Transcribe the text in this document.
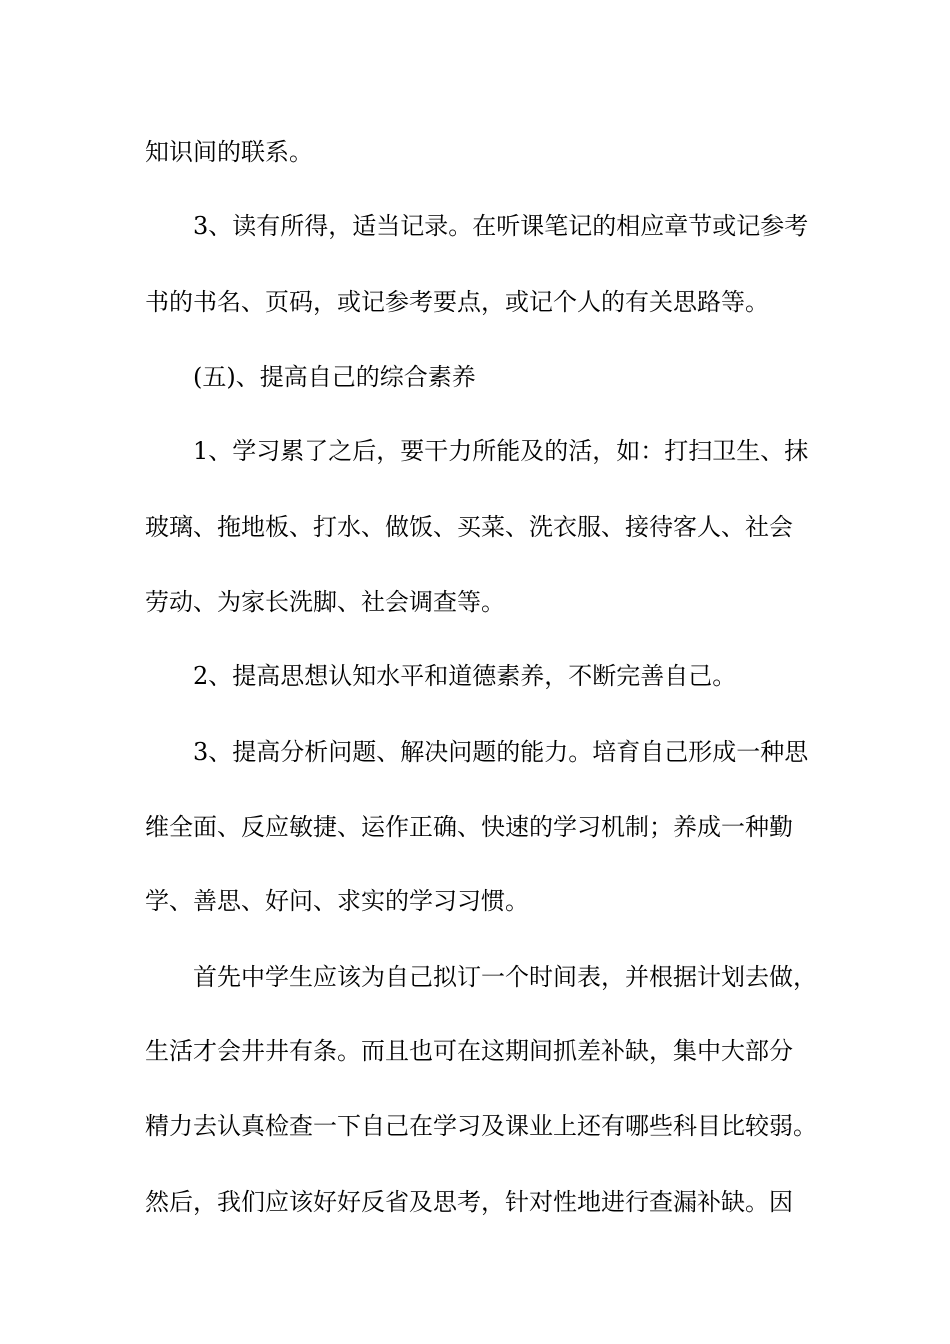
知识间的联系。
3、读有所得，适当记录。在听课笔记的相应章节或记参考
书的书名、页码，或记参考要点，或记个人的有关思路等。
(五)、提高自己的综合素养
1、学习累了之后，要干力所能及的活，如：打扫卫生、抹
玻璃、拖地板、打水、做饭、买菜、洗衣服、接待客人、社会
劳动、为家长洗脚、社会调查等。
2、提高思想认知水平和道德素养，不断完善自己。
3、提高分析问题、解决问题的能力。培育自己形成一种思
维全面、反应敏捷、运作正确、快速的学习机制；养成一种勤
学、善思、好问、求实的学习习惯。
首先中学生应该为自己拟订一个时间表，并根据计划去做，
生活才会井井有条。而且也可在这期间抓差补缺，集中大部分
精力去认真检查一下自己在学习及课业上还有哪些科目比较弱。
然后，我们应该好好反省及思考，针对性地进行查漏补缺。因
